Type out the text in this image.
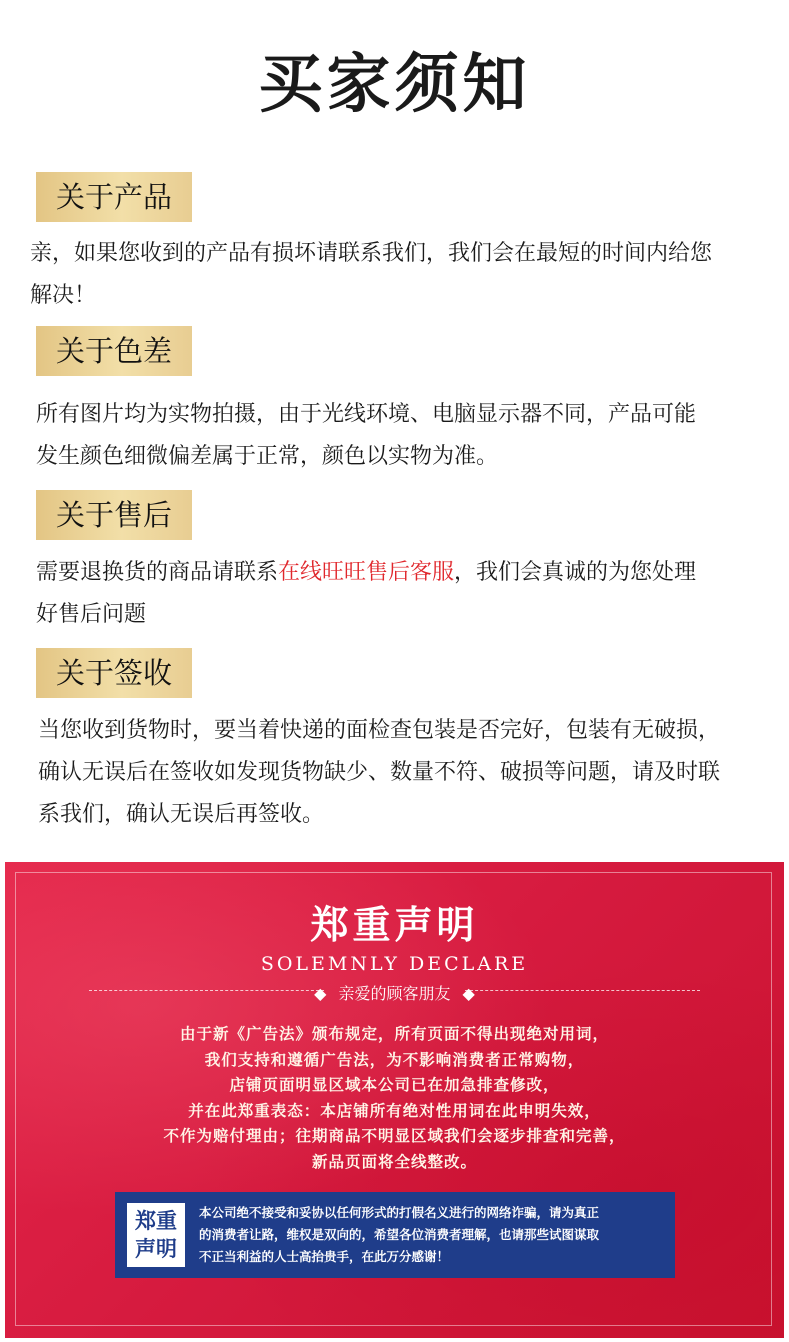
买家须知
关于产品
亲，如果您收到的产品有损坏请联系我们，我们会在最短的时间内给您
解决！
关于色差
所有图片均为实物拍摄，由于光线环境、电脑显示器不同，产品可能
发生颜色细微偏差属于正常，颜色以实物为准。
关于售后
需要退换货的商品请联系在线旺旺售后客服，我们会真诚的为您处理
好售后问题
关于签收
当您收到货物时，要当着快递的面检查包装是否完好，包装有无破损，
确认无误后在签收如发现货物缺少、数量不符、破损等问题，请及时联
系我们，确认无误后再签收。
郑重声明
SOLEMNLY DECLARE
◆ 亲爱的顾客朋友 ◆
由于新《广告法》颁布规定，所有页面不得出现绝对用词，
我们支持和遵循广告法，为不影响消费者正常购物，
店铺页面明显区域本公司已在加急排查修改，
并在此郑重表态：本店铺所有绝对性用词在此申明失效，
不作为赔付理由；往期商品不明显区域我们会逐步排查和完善，
新品页面将全线整改。
郑重
声明
本公司绝不接受和妥协以任何形式的打假名义进行的网络诈骗，请为真正
的消费者让路，维权是双向的，希望各位消费者理解，也请那些试图谋取
不正当利益的人士高抬贵手，在此万分感谢！
